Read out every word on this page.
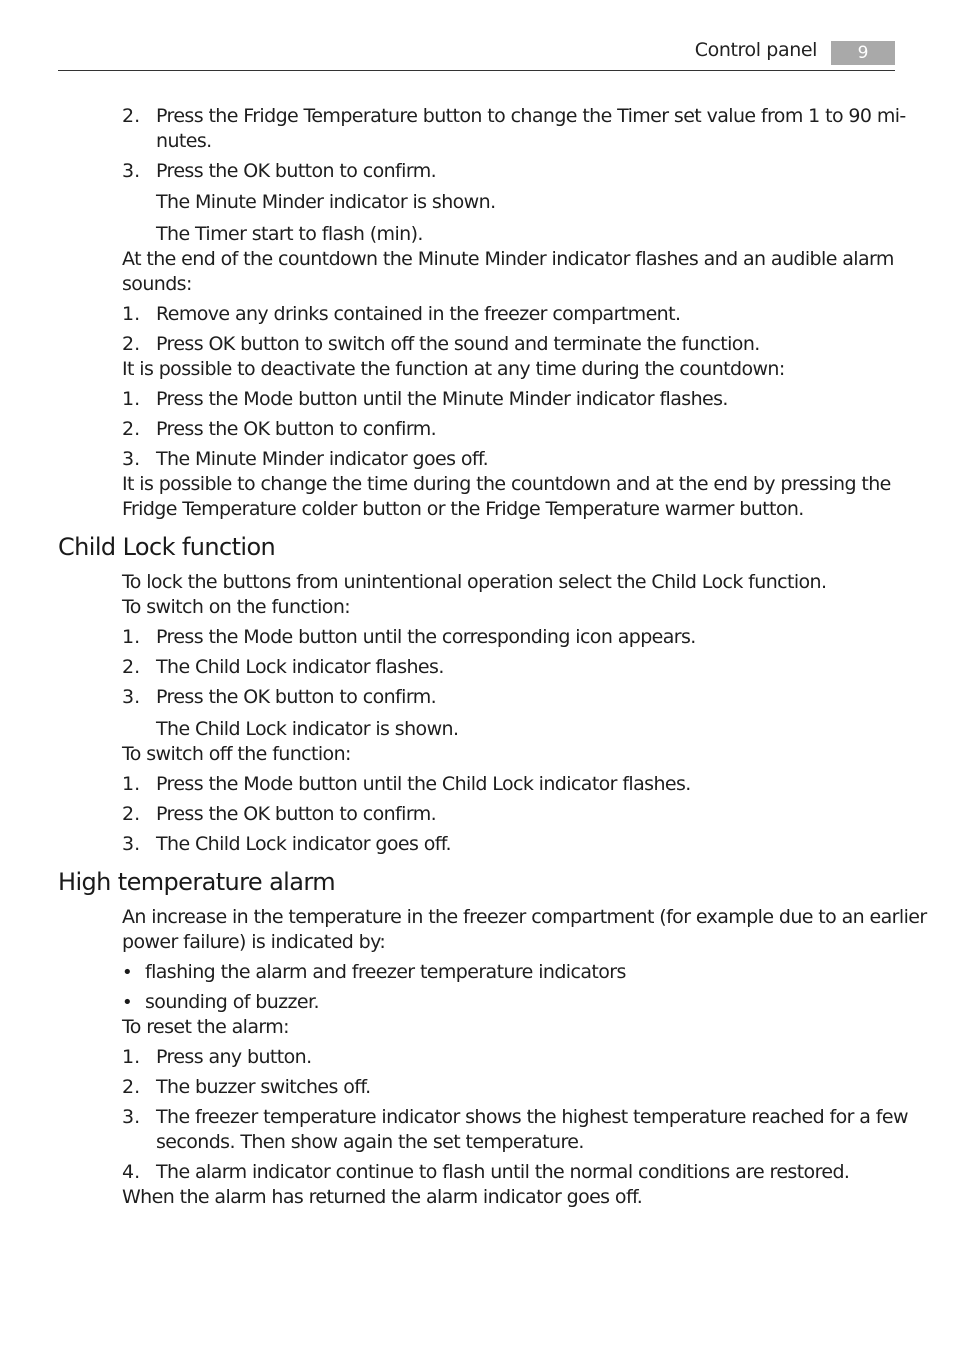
Control panel	9
2. Press the Fridge Temperature button to change the Timer set value from 1 to 90 mi-
nutes.
3. Press the OK button to confirm.
The Minute Minder indicator is shown.
The Timer start to flash (min).
At the end of the countdown the Minute Minder indicator flashes and an audible alarm
sounds:
1. Remove any drinks contained in the freezer compartment.
2. Press OK button to switch off the sound and terminate the function.
It is possible to deactivate the function at any time during the countdown:
1. Press the Mode button until the Minute Minder indicator flashes.
2. Press the OK button to confirm.
3. The Minute Minder indicator goes off.
It is possible to change the time during the countdown and at the end by pressing the
Fridge Temperature colder button or the Fridge Temperature warmer button.
Child Lock function
To lock the buttons from unintentional operation select the Child Lock function.
To switch on the function:
1. Press the Mode button until the corresponding icon appears.
2. The Child Lock indicator flashes.
3. Press the OK button to confirm.
The Child Lock indicator is shown.
To switch off the function:
1. Press the Mode button until the Child Lock indicator flashes.
2. Press the OK button to confirm.
3. The Child Lock indicator goes off.
High temperature alarm
An increase in the temperature in the freezer compartment (for example due to an earlier
power failure) is indicated by:
• flashing the alarm and freezer temperature indicators
• sounding of buzzer.
To reset the alarm:
1. Press any button.
2. The buzzer switches off.
3. The freezer temperature indicator shows the highest temperature reached for a few
seconds. Then show again the set temperature.
4. The alarm indicator continue to flash until the normal conditions are restored.
When the alarm has returned the alarm indicator goes off.
